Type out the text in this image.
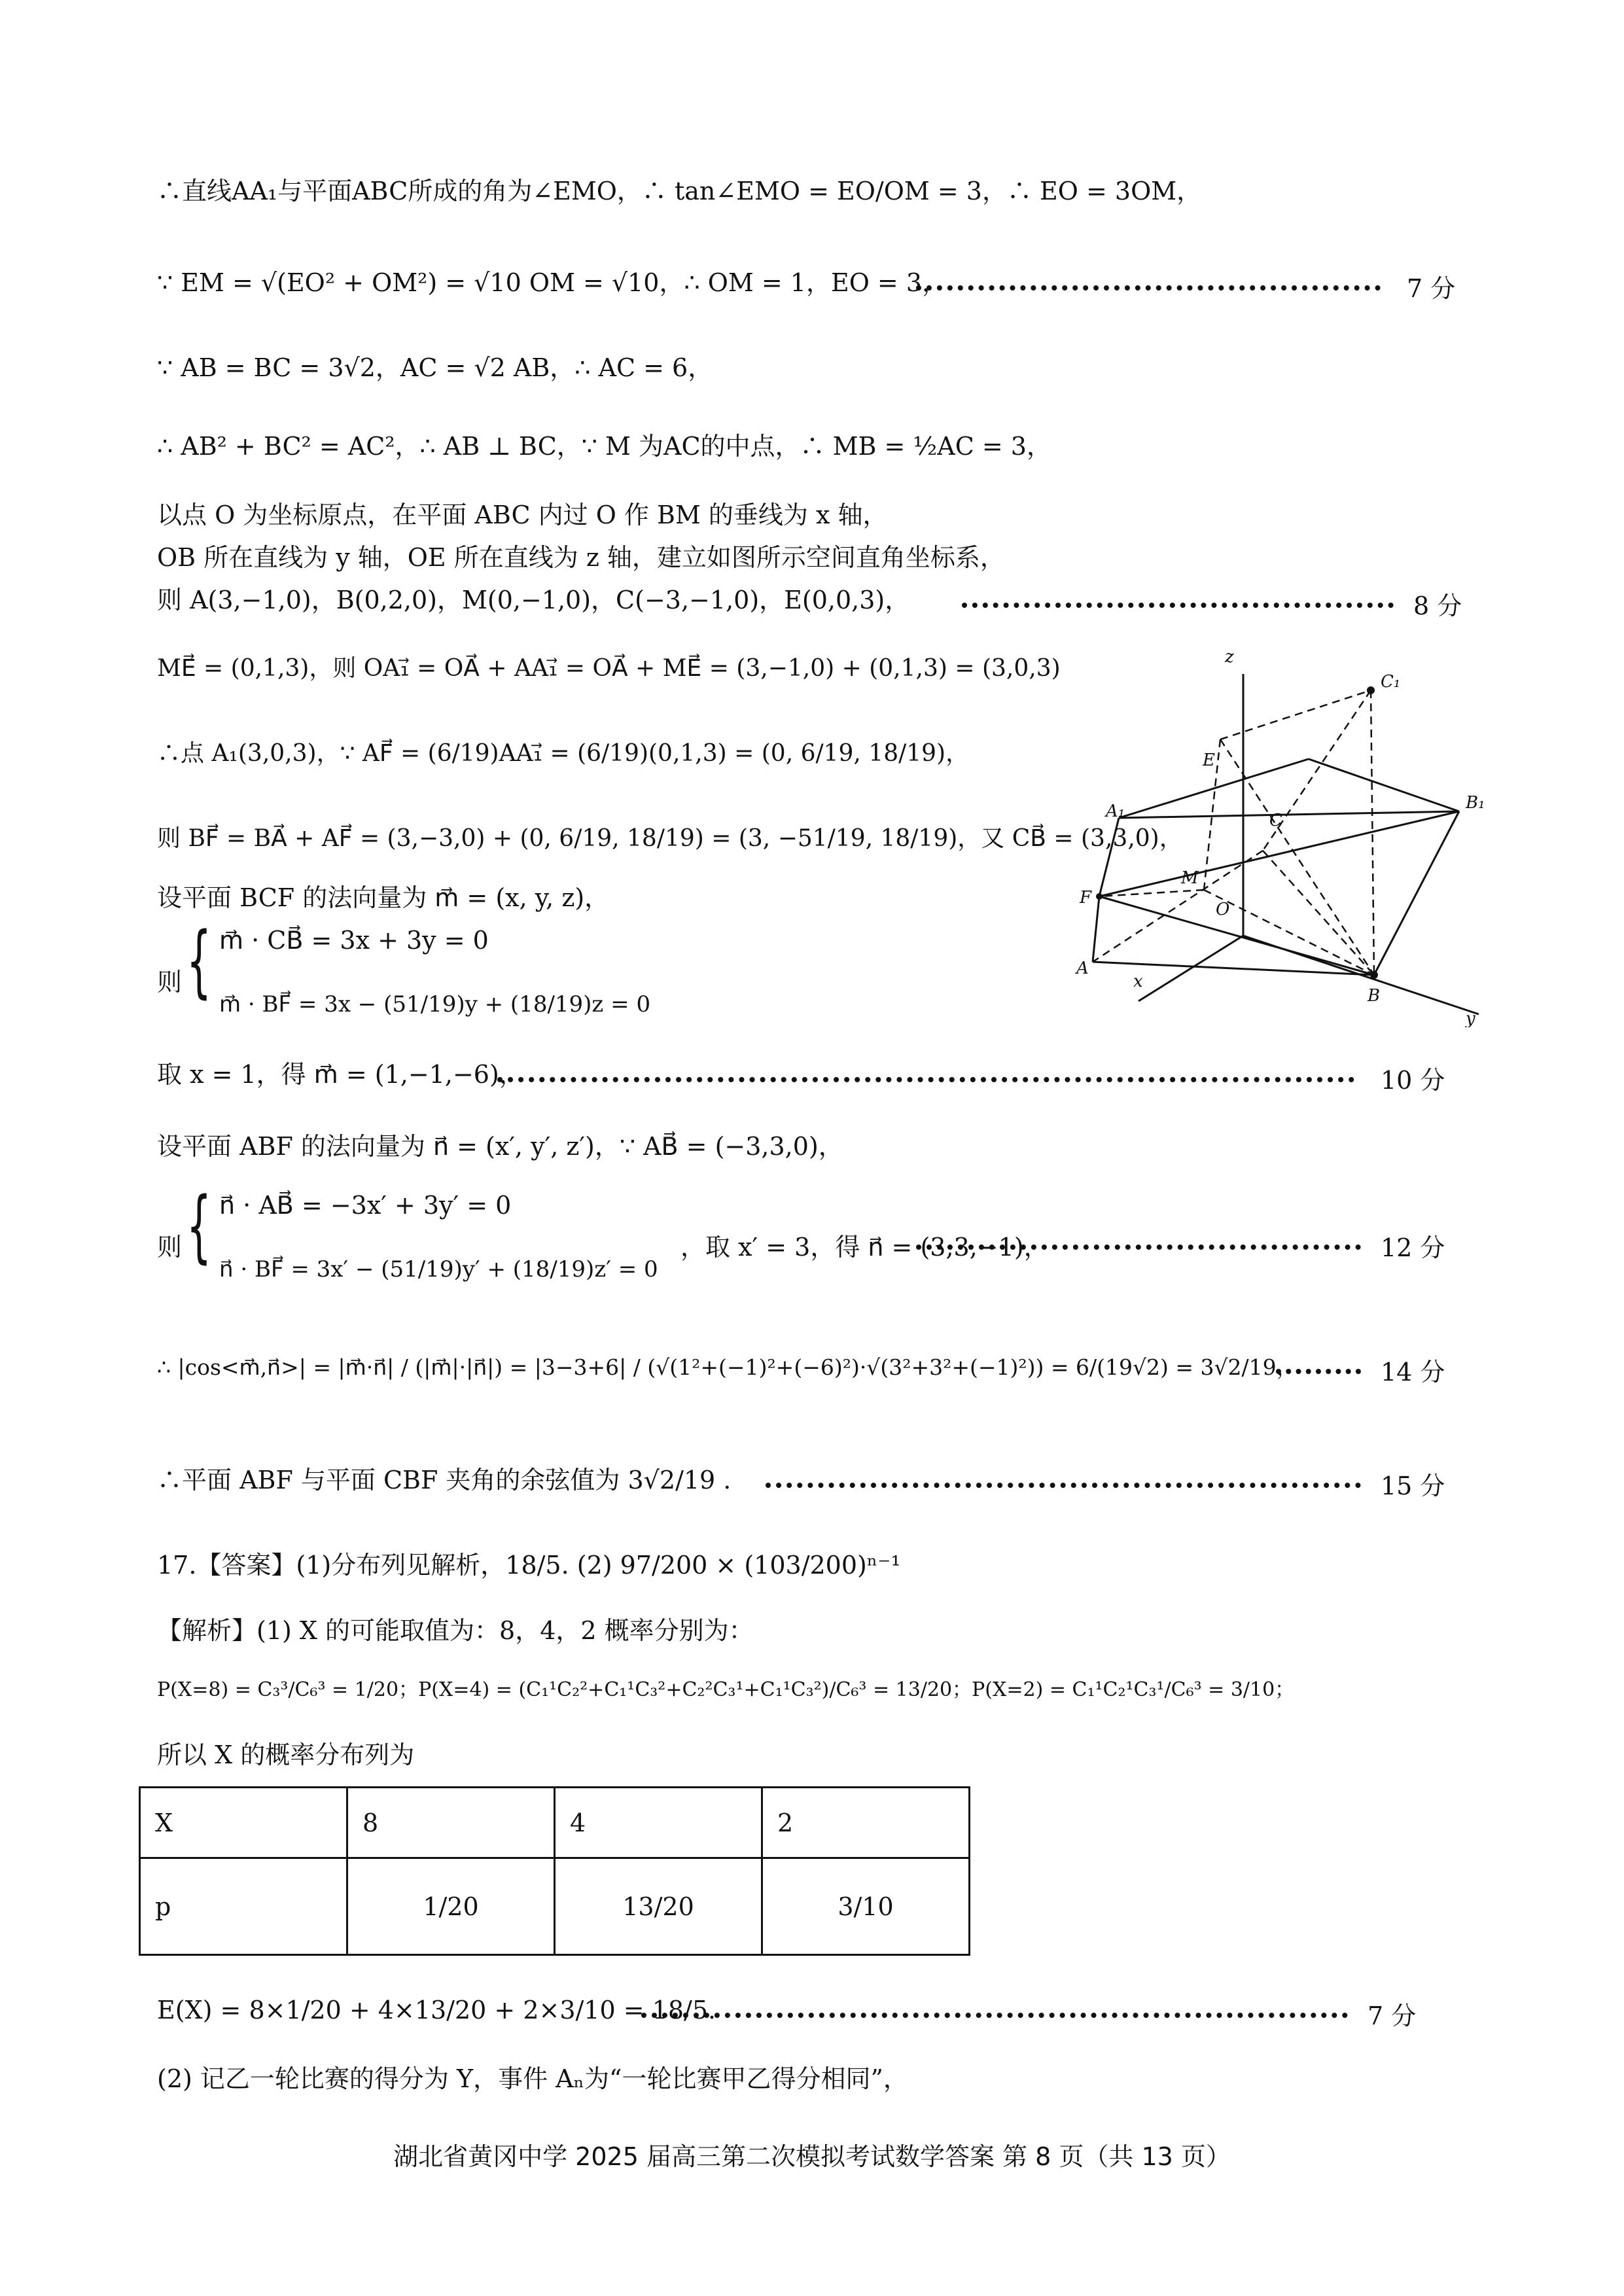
∴直线AA₁与平面ABC所成的角为∠EMO，∴ tan∠EMO = EO/OM = 3，∴ EO = 3OM，
∵ EM = √(EO² + OM²) = √10 OM = √10，∴ OM = 1，EO = 3，	7 分
∵ AB = BC = 3√2，AC = √2 AB，∴ AC = 6，
∴ AB² + BC² = AC²，∴ AB ⊥ BC，∵ M 为AC的中点，∴ MB = ½AC = 3，
以点 O 为坐标原点，在平面 ABC 内过 O 作 BM 的垂线为 x 轴，
OB 所在直线为 y 轴，OE 所在直线为 z 轴，建立如图所示空间直角坐标系，
则 A(3,−1,0)，B(0,2,0)，M(0,−1,0)，C(−3,−1,0)，E(0,0,3)，	8 分
ME⃗ = (0,1,3)，则 OA₁⃗ = OA⃗ + AA₁⃗ = OA⃗ + ME⃗ = (3,−1,0) + (0,1,3) = (3,0,3)
∴点 A₁(3,0,3)，∵ AF⃗ = (6/19)AA₁⃗ = (6/19)(0,1,3) = (0, 6/19, 18/19)，
则 BF⃗ = BA⃗ + AF⃗ = (3,−3,0) + (0, 6/19, 18/19) = (3, −51/19, 18/19)，又 CB⃗ = (3,3,0)，
设平面 BCF 的法向量为 m⃗ = (x, y, z)，
则 { m⃗ · CB⃗ = 3x + 3y = 0
m⃗ · BF⃗ = 3x − (51/19)y + (18/19)z = 0
取 x = 1，得 m⃗ = (1,−1,−6)，	10 分
设平面 ABF 的法向量为 n⃗ = (x′, y′, z′)，∵ AB⃗ = (−3,3,0)，
则 { n⃗ · AB⃗ = −3x′ + 3y′ = 0
n⃗ · BF⃗ = 3x′ − (51/19)y′ + (18/19)z′ = 0
，取 x′ = 3，得 n⃗ = (3,3,−1)，	12 分
∴ |cos<m⃗,n⃗>| = |m⃗·n⃗| / (|m⃗|·|n⃗|) = |3−3+6| / (√(1²+(−1)²+(−6)²)·√(3²+3²+(−1)²)) = 6/(19√2) = 3√2/19，	14 分
∴平面 ABF 与平面 CBF 夹角的余弦值为 3√2/19 .	15 分
17.【答案】(1)分布列见解析，18/5. (2) 97/200 × (103/200)ⁿ⁻¹
【解析】(1) X 的可能取值为：8，4，2 概率分别为：
P(X=8) = C₃³/C₆³ = 1/20；P(X=4) = (C₁¹C₂²+C₁¹C₃²+C₂²C₃¹+C₁¹C₃²)/C₆³ = 13/20；P(X=2) = C₁¹C₂¹C₃¹/C₆³ = 3/10；
所以 X 的概率分布列为
X	8	4	2
p	1/20	13/20	3/10
E(X) = 8×1/20 + 4×13/20 + 2×3/10 = 18/5.	7 分
(2) 记乙一轮比赛的得分为 Y，事件 Aₙ为“一轮比赛甲乙得分相同”，
z
C₁
E
A₁	C
B₁
F
M
O
A
B
x
y
湖北省黄冈中学 2025 届高三第二次模拟考试数学答案 第 8 页（共 13 页）
